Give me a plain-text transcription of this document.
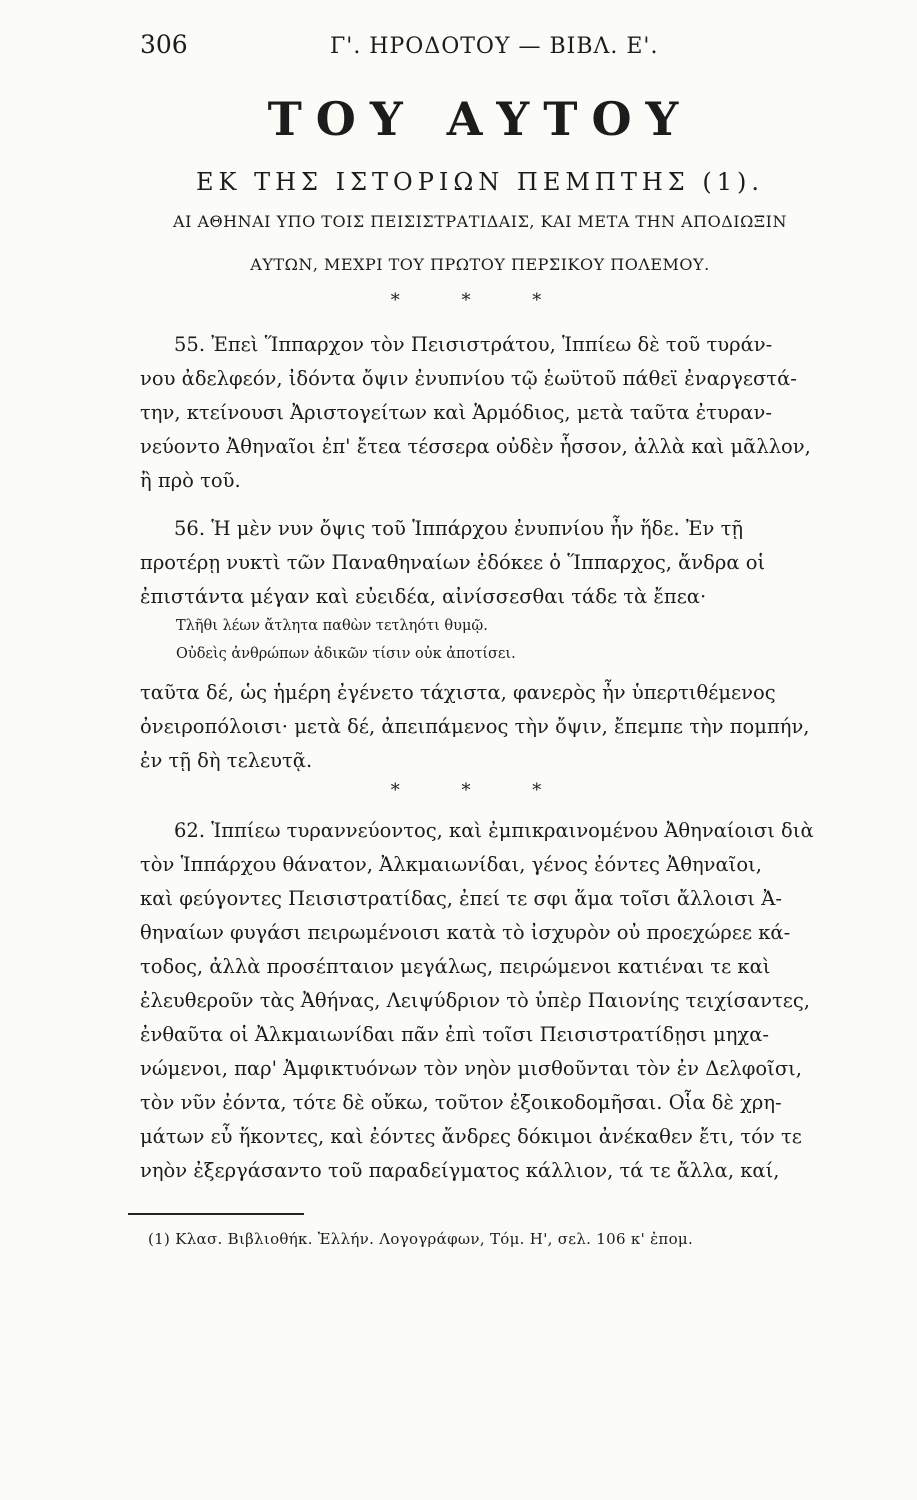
306	Γ'. ΗΡΟΔΟΤΟΥ — ΒΙΒΛ. Ε'.
ΤΟΥ ΑΥΤΟΥ
ΕΚ ΤΗΣ ΙΣΤΟΡΙΩΝ ΠΕΜΠΤΗΣ (1).
ΑΙ ΑΘΗΝΑΙ ΥΠΟ ΤΟΙΣ ΠΕΙΣΙΣΤΡΑΤΙΔΑΙΣ, ΚΑΙ ΜΕΤΑ ΤΗΝ ΑΠΟΔΙΩΞΙΝ
ΑΥΤΩΝ, ΜΕΧΡΙ ΤΟΥ ΠΡΩΤΟΥ ΠΕΡΣΙΚΟΥ ΠΟΛΕΜΟΥ.
* * *
55. Ἐπεὶ Ἵππαρχον τὸν Πεισιστράτου, Ἱππίεω δὲ τοῦ τυράν-
νου ἀδελφεόν, ἰδόντα ὄψιν ἐνυπνίου τῷ ἑωϋτοῦ πάθεϊ ἐναργεστά-
την, κτείνουσι Ἀριστογείτων καὶ Ἁρμόδιος, μετὰ ταῦτα ἐτυραν-
νεύοντο Ἀθηναῖοι ἐπ' ἔτεα τέσσερα οὐδὲν ἧσσον, ἀλλὰ καὶ μᾶλλον,
ἢ πρὸ τοῦ.
56. Ἡ μὲν νυν ὄψις τοῦ Ἱππάρχου ἐνυπνίου ἦν ἥδε. Ἐν τῇ
προτέρῃ νυκτὶ τῶν Παναθηναίων ἐδόκεε ὁ Ἵππαρχος, ἄνδρα οἱ
ἐπιστάντα μέγαν καὶ εὐειδέα, αἰνίσσεσθαι τάδε τὰ ἔπεα·
Τλῆθι λέων ἄτλητα παθὼν τετληότι θυμῷ.
Οὐδεὶς ἀνθρώπων ἀδικῶν τίσιν οὐκ ἀποτίσει.
ταῦτα δέ, ὡς ἡμέρη ἐγένετο τάχιστα, φανερὸς ἦν ὑπερτιθέμενος
ὀνειροπόλοισι· μετὰ δέ, ἀπειπάμενος τὴν ὄψιν, ἔπεμπε τὴν πομπήν,
ἐν τῇ δὴ τελευτᾷ.
* * *
62. Ἱππίεω τυραννεύοντος, καὶ ἐμπικραινομένου Ἀθηναίοισι διὰ
τὸν Ἱππάρχου θάνατον, Ἀλκμαιωνίδαι, γένος ἐόντες Ἀθηναῖοι,
καὶ φεύγοντες Πεισιστρατίδας, ἐπεί τε σφι ἅμα τοῖσι ἄλλοισι Ἀ-
θηναίων φυγάσι πειρωμένοισι κατὰ τὸ ἰσχυρὸν οὐ προεχώρεε κά-
τοδος, ἀλλὰ προσέπταιον μεγάλως, πειρώμενοι κατιέναι τε καὶ
ἐλευθεροῦν τὰς Ἀθήνας, Λειψύδριον τὸ ὑπὲρ Παιονίης τειχίσαντες,
ἐνθαῦτα οἱ Ἀλκμαιωνίδαι πᾶν ἐπὶ τοῖσι Πεισιστρατίδῃσι μηχα-
νώμενοι, παρ' Ἀμφικτυόνων τὸν νηὸν μισθοῦνται τὸν ἐν Δελφοῖσι,
τὸν νῦν ἐόντα, τότε δὲ οὔκω, τοῦτον ἐξοικοδομῆσαι. Οἷα δὲ χρη-
μάτων εὖ ἥκοντες, καὶ ἐόντες ἄνδρες δόκιμοι ἀνέκαθεν ἔτι, τόν τε
νηὸν ἐξεργάσαντο τοῦ παραδείγματος κάλλιον, τά τε ἄλλα, καί,
(1) Κλασ. Βιβλιοθήκ. Ἑλλήν. Λογογράφων, Τόμ. Η', σελ. 106 κ' ἑπομ.
